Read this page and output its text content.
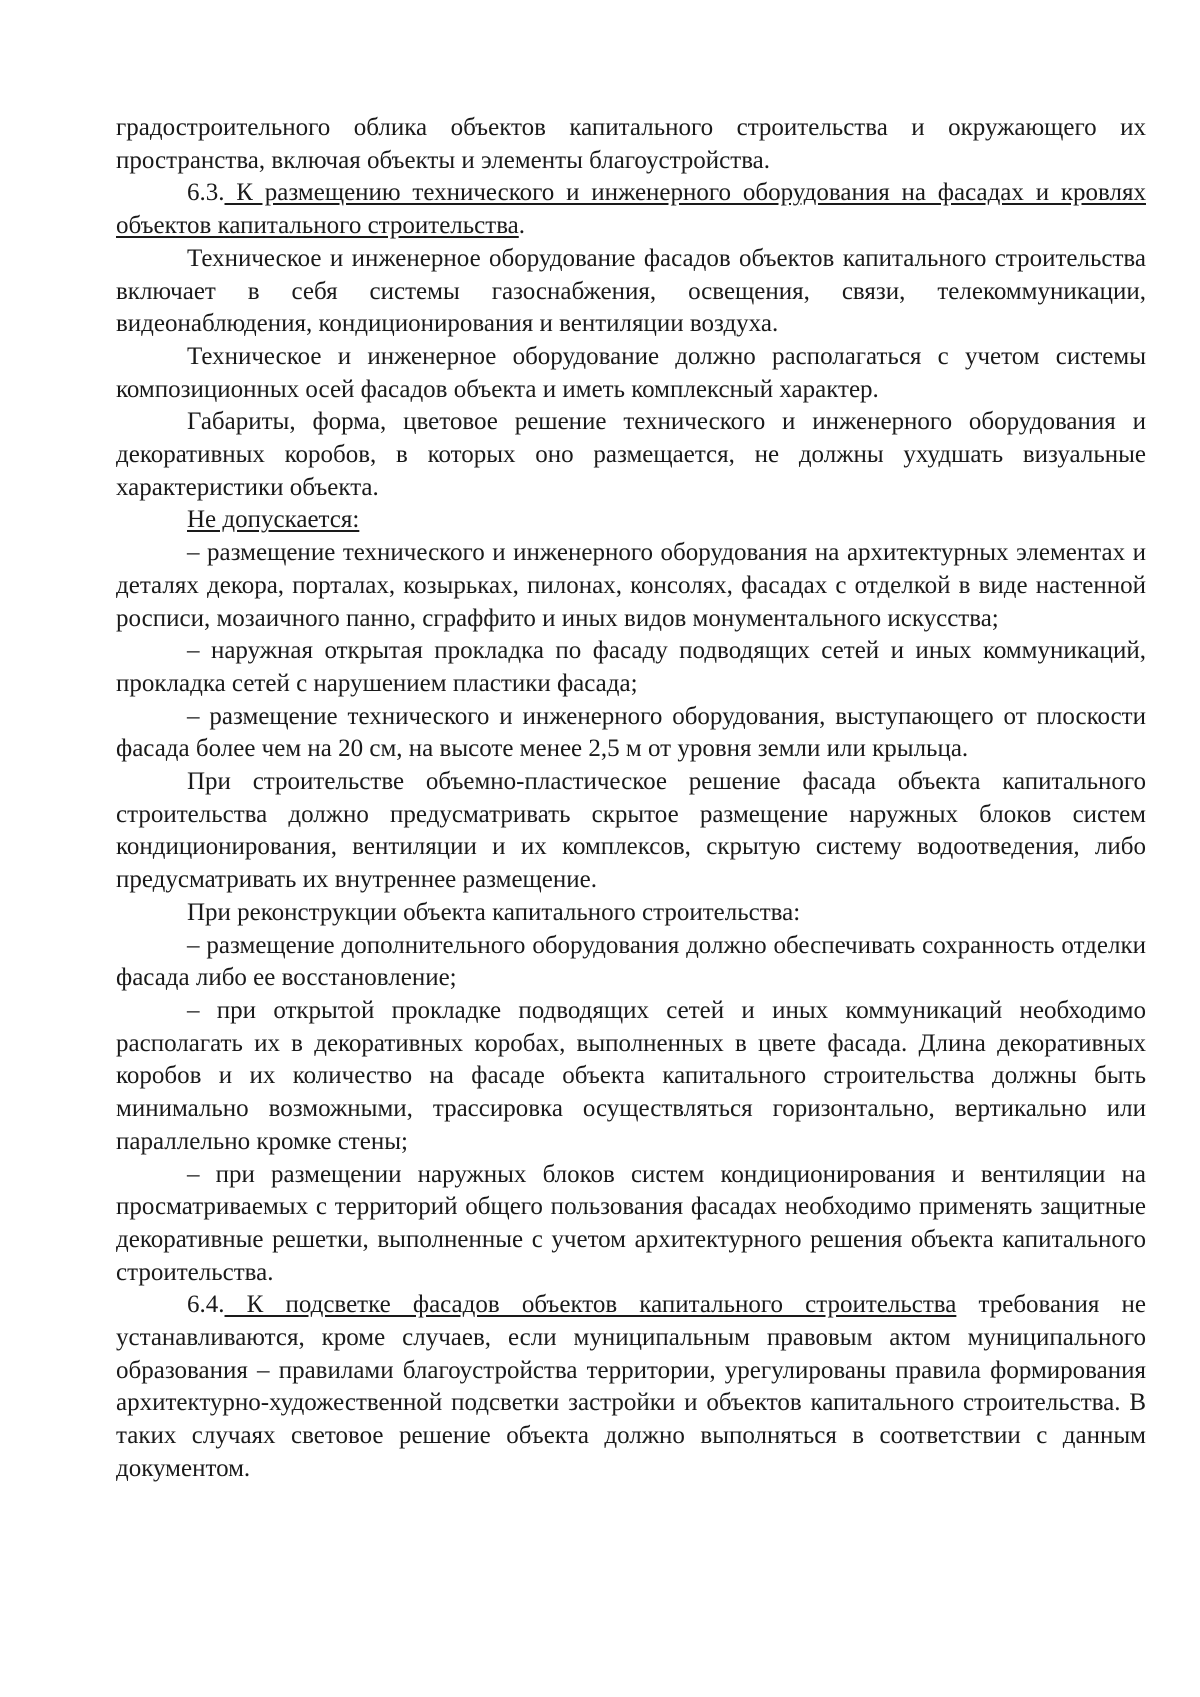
градостроительного облика объектов капитального строительства и окружающего их пространства, включая объекты и элементы благоустройства.

6.3. К размещению технического и инженерного оборудования на фасадах и кровлях объектов капитального строительства.

Техническое и инженерное оборудование фасадов объектов капитального строительства включает в себя системы газоснабжения, освещения, связи, телекоммуникации, видеонаблюдения, кондиционирования и вентиляции воздуха.

Техническое и инженерное оборудование должно располагаться с учетом системы композиционных осей фасадов объекта и иметь комплексный характер.

Габариты, форма, цветовое решение технического и инженерного оборудования и декоративных коробов, в которых оно размещается, не должны ухудшать визуальные характеристики объекта.

Не допускается:

– размещение технического и инженерного оборудования на архитектурных элементах и деталях декора, порталах, козырьках, пилонах, консолях, фасадах с отделкой в виде настенной росписи, мозаичного панно, сграффито и иных видов монументального искусства;

– наружная открытая прокладка по фасаду подводящих сетей и иных коммуникаций, прокладка сетей с нарушением пластики фасада;

– размещение технического и инженерного оборудования, выступающего от плоскости фасада более чем на 20 см, на высоте менее 2,5 м от уровня земли или крыльца.

При строительстве объемно-пластическое решение фасада объекта капитального строительства должно предусматривать скрытое размещение наружных блоков систем кондиционирования, вентиляции и их комплексов, скрытую систему водоотведения, либо предусматривать их внутреннее размещение.

При реконструкции объекта капитального строительства:

– размещение дополнительного оборудования должно обеспечивать сохранность отделки фасада либо ее восстановление;

– при открытой прокладке подводящих сетей и иных коммуникаций необходимо располагать их в декоративных коробах, выполненных в цвете фасада. Длина декоративных коробов и их количество на фасаде объекта капитального строительства должны быть минимально возможными, трассировка осуществляться горизонтально, вертикально или параллельно кромке стены;

– при размещении наружных блоков систем кондиционирования и вентиляции на просматриваемых с территорий общего пользования фасадах необходимо применять защитные декоративные решетки, выполненные с учетом архитектурного решения объекта капитального строительства.

6.4. К подсветке фасадов объектов капитального строительства требования не устанавливаются, кроме случаев, если муниципальным правовым актом муниципального образования – правилами благоустройства территории, урегулированы правила формирования архитектурно-художественной подсветки застройки и объектов капитального строительства. В таких случаях световое решение объекта должно выполняться в соответствии с данным документом.
